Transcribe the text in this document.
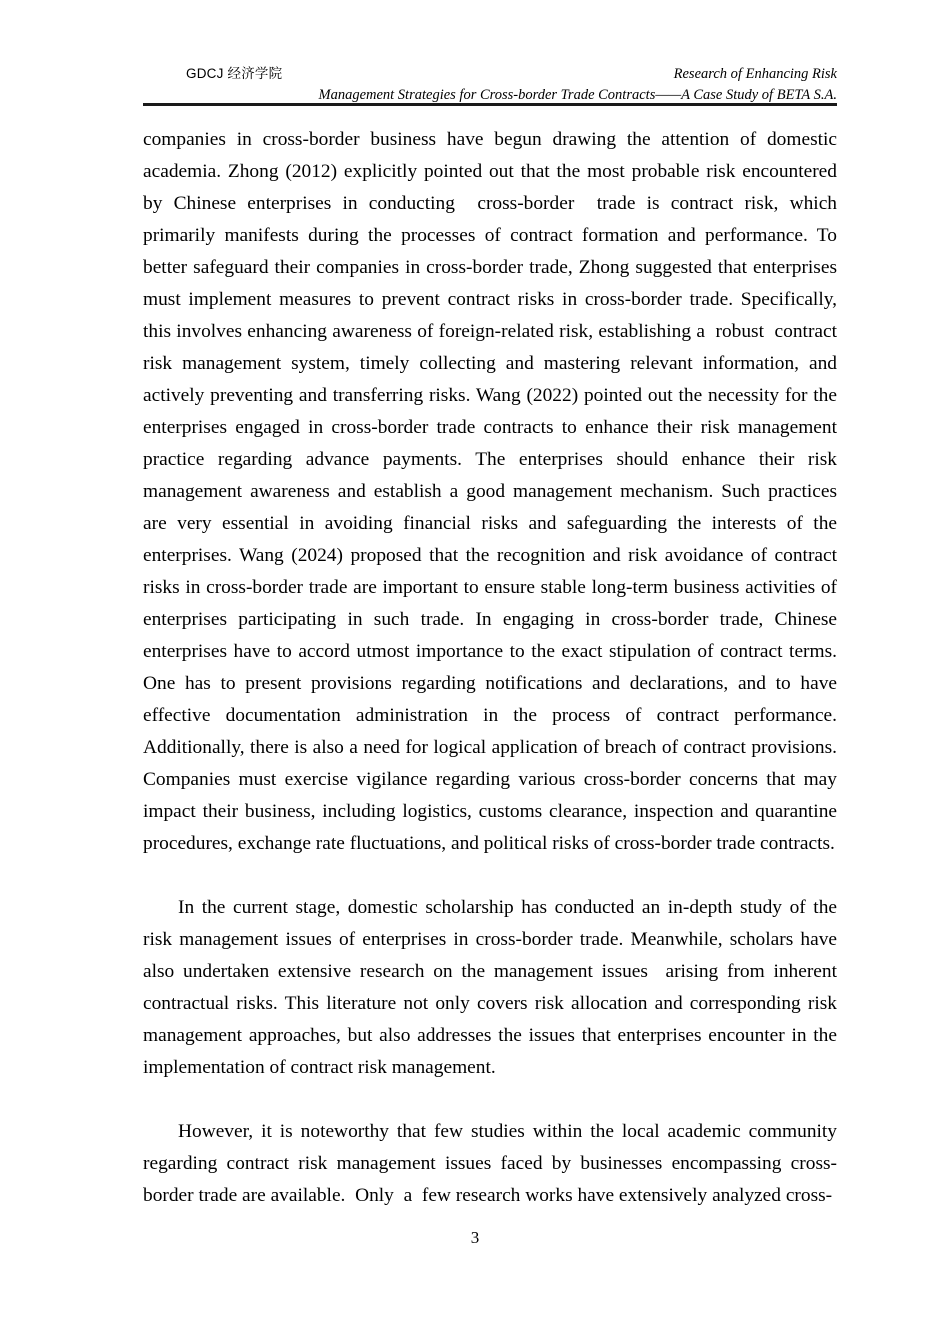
GDCJ 经济学院	Research of Enhancing Risk
Management Strategies for Cross-border Trade Contracts——A Case Study of BETA S.A.

companies in cross-border business have begun drawing the attention of domestic academia. Zhong (2012) explicitly pointed out that the most probable risk encountered by Chinese enterprises in conducting  cross-border  trade is contract risk, which primarily manifests during the processes of contract formation and performance. To better safeguard their companies in cross-border trade, Zhong suggested that enterprises must implement measures to prevent contract risks in cross-border trade. Specifically, this involves enhancing awareness of foreign-related risk, establishing a  robust  contract risk management system, timely collecting and mastering relevant information, and actively preventing and transferring risks. Wang (2022) pointed out the necessity for the enterprises engaged in cross-border trade contracts to enhance their risk management practice regarding advance payments. The enterprises should enhance their risk management awareness and establish a good management mechanism. Such practices are very essential in avoiding financial risks and safeguarding the interests of the enterprises. Wang (2024) proposed that the recognition and risk avoidance of contract risks in cross-border trade are important to ensure stable long-term business activities of enterprises participating in such trade. In engaging in cross-border trade, Chinese enterprises have to accord utmost importance to the exact stipulation of contract terms. One has to present provisions regarding notifications and declarations, and to have effective documentation administration in the process of contract performance. Additionally, there is also a need for logical application of breach of contract provisions. Companies must exercise vigilance regarding various cross-border concerns that may impact their business, including logistics, customs clearance, inspection and quarantine procedures, exchange rate fluctuations, and political risks of cross-border trade contracts.

In the current stage, domestic scholarship has conducted an in-depth study of the risk management issues of enterprises in cross-border trade. Meanwhile, scholars have also undertaken extensive research on the management issues  arising from inherent contractual risks. This literature not only covers risk allocation and corresponding risk management approaches, but also addresses the issues that enterprises encounter in the implementation of contract risk management.

However, it is noteworthy that few studies within the local academic community regarding contract risk management issues faced by businesses encompassing cross-border trade are available.  Only  a  few research works have extensively analyzed cross-

3
